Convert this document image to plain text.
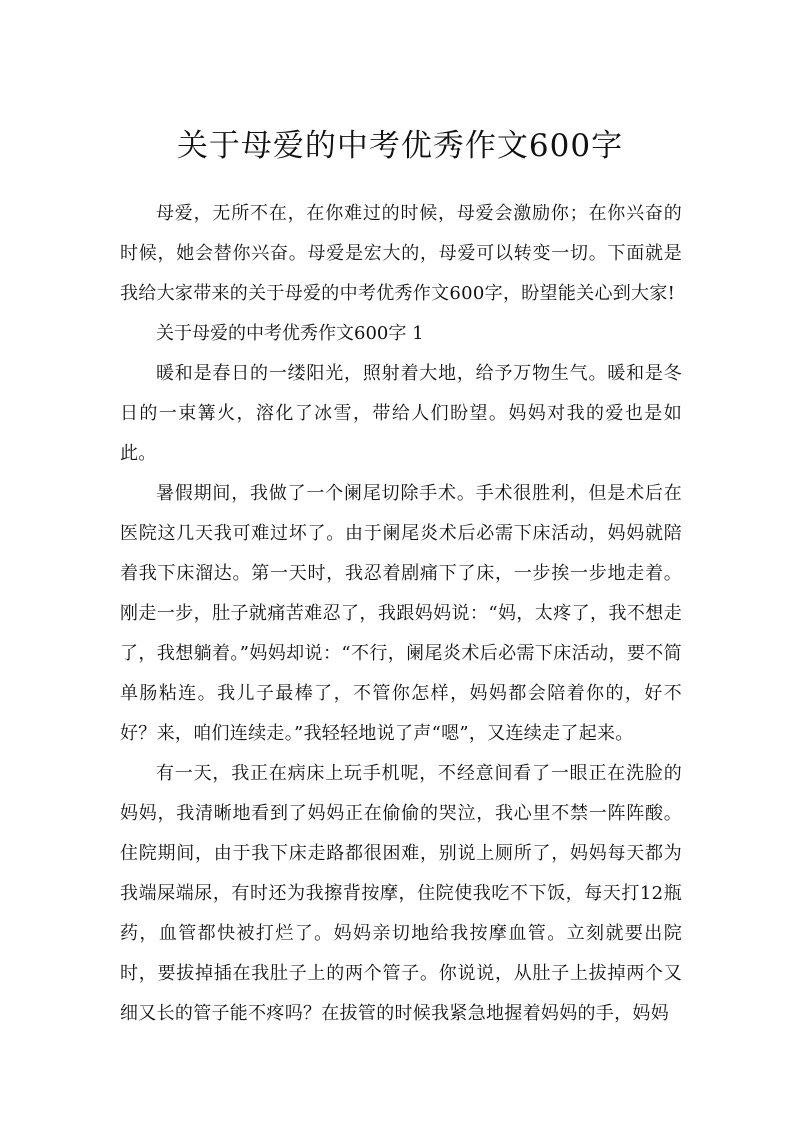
关于母爱的中考优秀作文600字

母爱，无所不在，在你难过的时候，母爱会激励你；在你兴奋的时候，她会替你兴奋。母爱是宏大的，母爱可以转变一切。下面就是我给大家带来的关于母爱的中考优秀作文600字，盼望能关心到大家!

关于母爱的中考优秀作文600字 1

暖和是春日的一缕阳光，照射着大地，给予万物生气。暖和是冬日的一束篝火，溶化了冰雪，带给人们盼望。妈妈对我的爱也是如此。

暑假期间，我做了一个阑尾切除手术。手术很胜利，但是术后在医院这几天我可难过坏了。由于阑尾炎术后必需下床活动，妈妈就陪着我下床溜达。第一天时，我忍着剧痛下了床，一步挨一步地走着。刚走一步，肚子就痛苦难忍了，我跟妈妈说：“妈，太疼了，我不想走了，我想躺着。”妈妈却说：“不行，阑尾炎术后必需下床活动，要不简单肠粘连。我儿子最棒了，不管你怎样，妈妈都会陪着你的，好不好？来，咱们连续走。”我轻轻地说了声“嗯”，又连续走了起来。

有一天，我正在病床上玩手机呢，不经意间看了一眼正在洗脸的妈妈，我清晰地看到了妈妈正在偷偷的哭泣，我心里不禁一阵阵酸。住院期间，由于我下床走路都很困难，别说上厕所了，妈妈每天都为我端屎端尿，有时还为我擦背按摩，住院使我吃不下饭，每天打12瓶药，血管都快被打烂了。妈妈亲切地给我按摩血管。立刻就要出院时，要拔掉插在我肚子上的两个管子。你说说，从肚子上拔掉两个又细又长的管子能不疼吗？在拔管的时候我紧急地握着妈妈的手，妈妈
